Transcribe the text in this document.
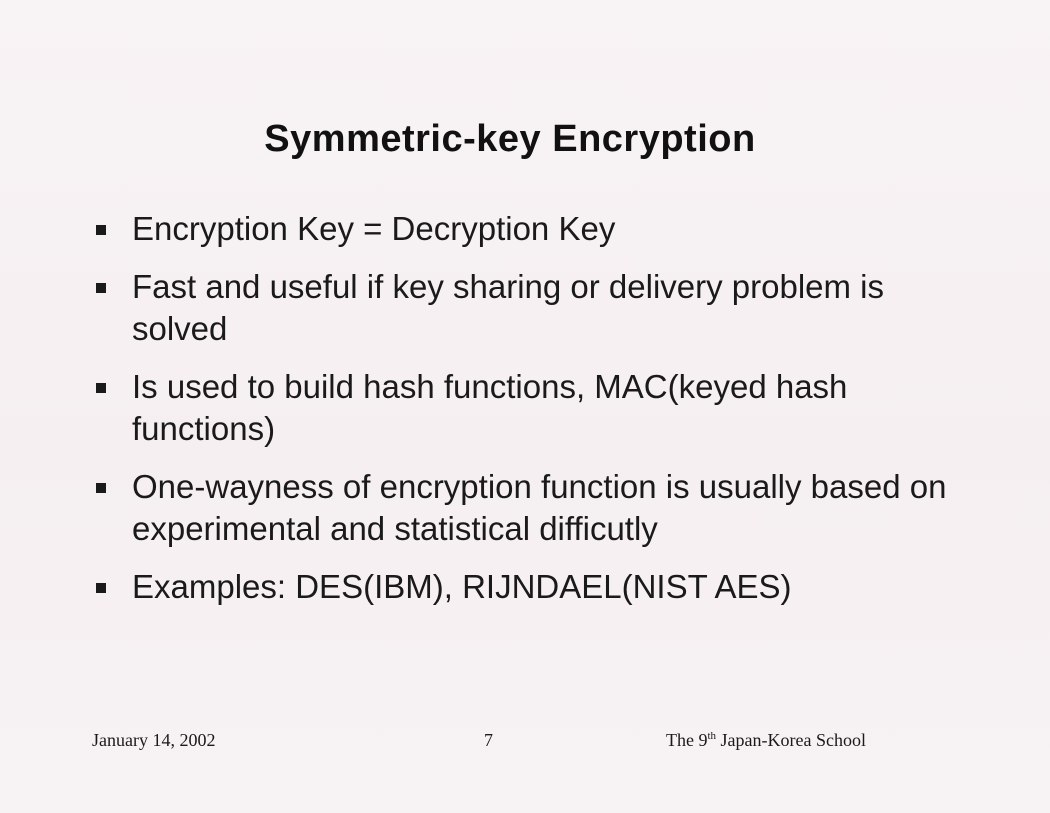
Symmetric-key Encryption
Encryption Key = Decryption Key
Fast and useful if key sharing or delivery problem is solved
Is used to build hash functions, MAC(keyed hash functions)
One-wayness of encryption function is usually based on experimental and statistical difficutly
Examples: DES(IBM), RIJNDAEL(NIST AES)
January 14, 2002	7	The 9th Japan-Korea School
